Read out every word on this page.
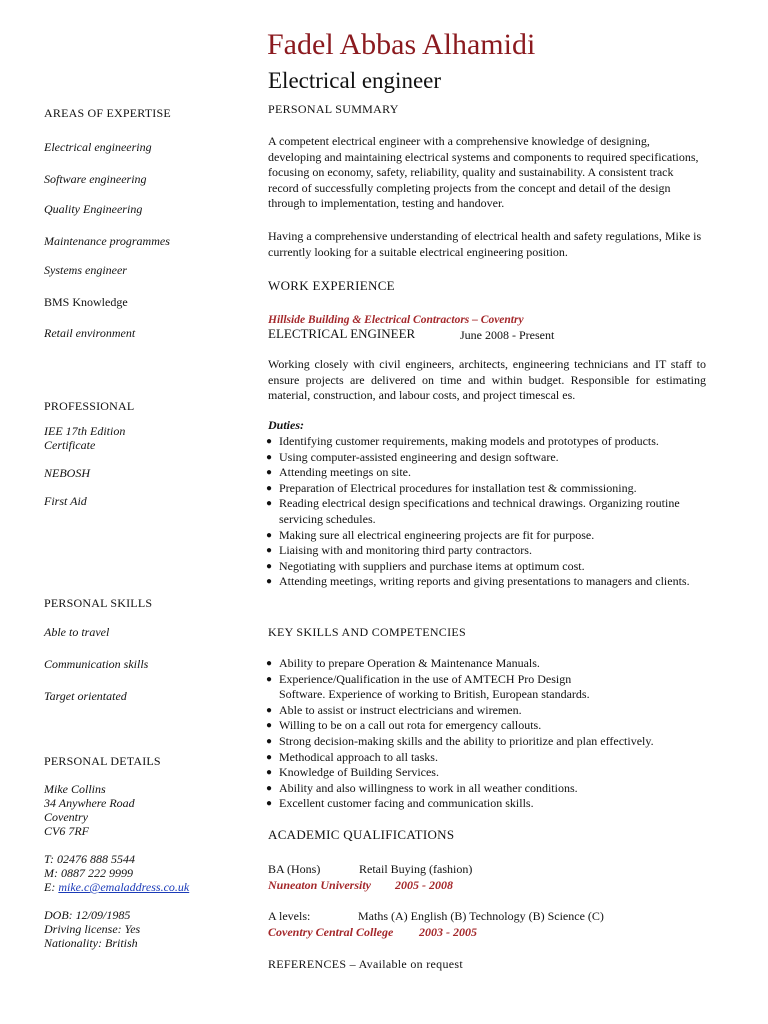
Fadel Abbas Alhamidi
Electrical engineer
AREAS OF EXPERTISE
Electrical engineering
Software engineering
Quality Engineering
Maintenance programmes
Systems engineer
BMS Knowledge
Retail environment
PROFESSIONAL
IEE 17th Edition
Certificate
NEBOSH
First Aid
PERSONAL SKILLS
Able to travel
Communication skills
Target orientated
PERSONAL DETAILS
Mike Collins
34 Anywhere Road
Coventry
CV6 7RF
T: 02476 888 5544
M: 0887 222 9999
E: mike.c@emaladdress.co.uk
DOB: 12/09/1985
Driving license: Yes
Nationality: British
PERSONAL SUMMARY
A competent electrical engineer with a comprehensive knowledge of designing, developing and maintaining electrical systems and components to required specifications, focusing on economy, safety, reliability, quality and sustainability. A consistent track record of successfully completing projects from the concept and detail of the design through to implementation, testing and handover.
Having a comprehensive understanding of electrical health and safety regulations, Mike is currently looking for a suitable electrical engineering position.
WORK EXPERIENCE
Hillside Building & Electrical Contractors – Coventry
ELECTRICAL ENGINEER	June 2008 - Present
Working closely with civil engineers, architects, engineering technicians and IT staff to ensure projects are delivered on time and within budget. Responsible for estimating material, construction, and labour costs, and project timescal es.
Duties:
● Identifying customer requirements, making models and prototypes of products.
● Using computer-assisted engineering and design software.
● Attending meetings on site.
● Preparation of Electrical procedures for installation test & commissioning.
● Reading electrical design specifications and technical drawings. Organizing routine servicing schedules.
● Making sure all electrical engineering projects are fit for purpose.
● Liaising with and monitoring third party contractors.
● Negotiating with suppliers and purchase items at optimum cost.
● Attending meetings, writing reports and giving presentations to managers and clients.
KEY SKILLS AND COMPETENCIES
● Ability to prepare Operation & Maintenance Manuals.
● Experience/Qualification in the use of AMTECH Pro Design Software. Experience of working to British, European standards.
● Able to assist or instruct electricians and wiremen.
● Willing to be on a call out rota for emergency callouts.
● Strong decision-making skills and the ability to prioritize and plan effectively.
● Methodical approach to all tasks.
● Knowledge of Building Services.
● Ability and also willingness to work in all weather conditions.
● Excellent customer facing and communication skills.
ACADEMIC QUALIFICATIONS
BA (Hons)	Retail Buying (fashion)
Nuneaton University 2005 - 2008
A levels:	Maths (A) English (B) Technology (B) Science (C)
Coventry Central College 2003 - 2005
REFERENCES – Available on request
